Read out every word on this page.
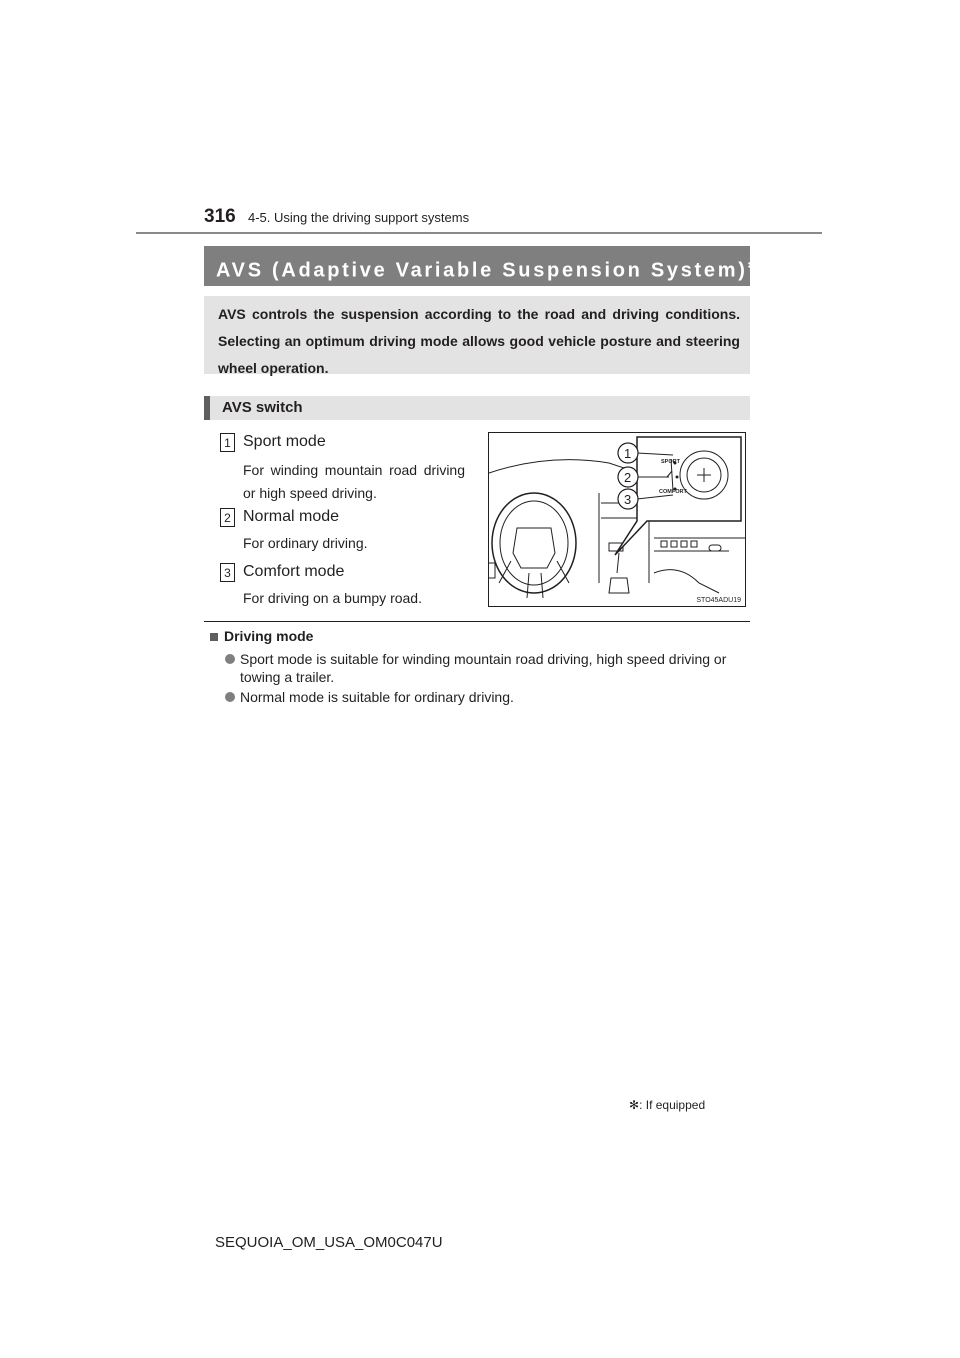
316 4-5. Using the driving support systems
AVS (Adaptive Variable Suspension System)✻
AVS controls the suspension according to the road and driving conditions. Selecting an optimum driving mode allows good vehicle posture and steering wheel operation.
AVS switch
1 Sport mode
For winding mountain road driving or high speed driving.
2 Normal mode
For ordinary driving.
3 Comfort mode
For driving on a bumpy road.
1
2
3
SPORT
COMFORT
STO45ADU19
Driving mode
Sport mode is suitable for winding mountain road driving, high speed driving or towing a trailer.
Normal mode is suitable for ordinary driving.
✻: If equipped
SEQUOIA_OM_USA_OM0C047U
